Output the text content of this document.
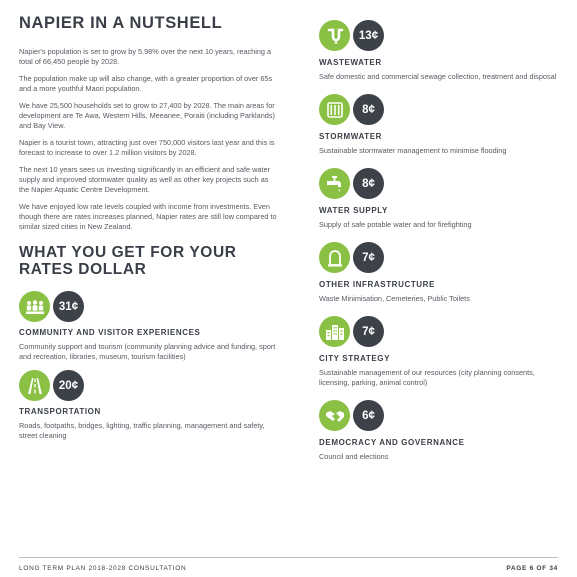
NAPIER IN A NUTSHELL

Napier's population is set to grow by 5.98% over the next 10 years, reaching a total of 66,450 people by 2028.

The population make up will also change, with a greater proportion of over 65s and a more youthful Maori population.

We have 25,500 households set to grow to 27,400 by 2028. The main areas for development are Te Awa, Western Hills, Meeanee, Poraiti (including Parklands) and Bay View.

Napier is a tourist town, attracting just over 750,000 visitors last year and this is forecast to increase to over 1.2 million visitors by 2028.

The next 10 years sees us investing significantly in an efficient and safe water supply and improved stormwater quality as well as other key projects such as the Napier Aquatic Centre Development.

We have enjoyed low rate levels coupled with income from investments. Even though there are rates increases planned, Napier rates are still low compared to similar sized cities in New Zealand.

WHAT YOU GET FOR YOUR RATES DOLLAR
31¢

COMMUNITY AND VISITOR EXPERIENCES

Community support and tourism (community planning advice and funding, sport and recreation, libraries, museum, tourism facilities)

20¢

TRANSPORTATION

Roads, footpaths, bridges, lighting, traffic planning, management and safety, street cleaning

13¢

WASTEWATER

Safe domestic and commercial sewage collection, treatment and disposal

8¢

STORMWATER

Sustainable stormwater management to minimise flooding

8¢

WATER SUPPLY

Supply of safe potable water and for firefighting

7¢

OTHER INFRASTRUCTURE

Waste Minimisation, Cemeteries, Public Toilets

7¢

CITY STRATEGY

Sustainable management of our resources (city planning consents, licensing, parking, animal control)

6¢

DEMOCRACY AND GOVERNANCE

Council and elections

LONG TERM PLAN 2018-2028 CONSULTATION	PAGE 6 OF 34
